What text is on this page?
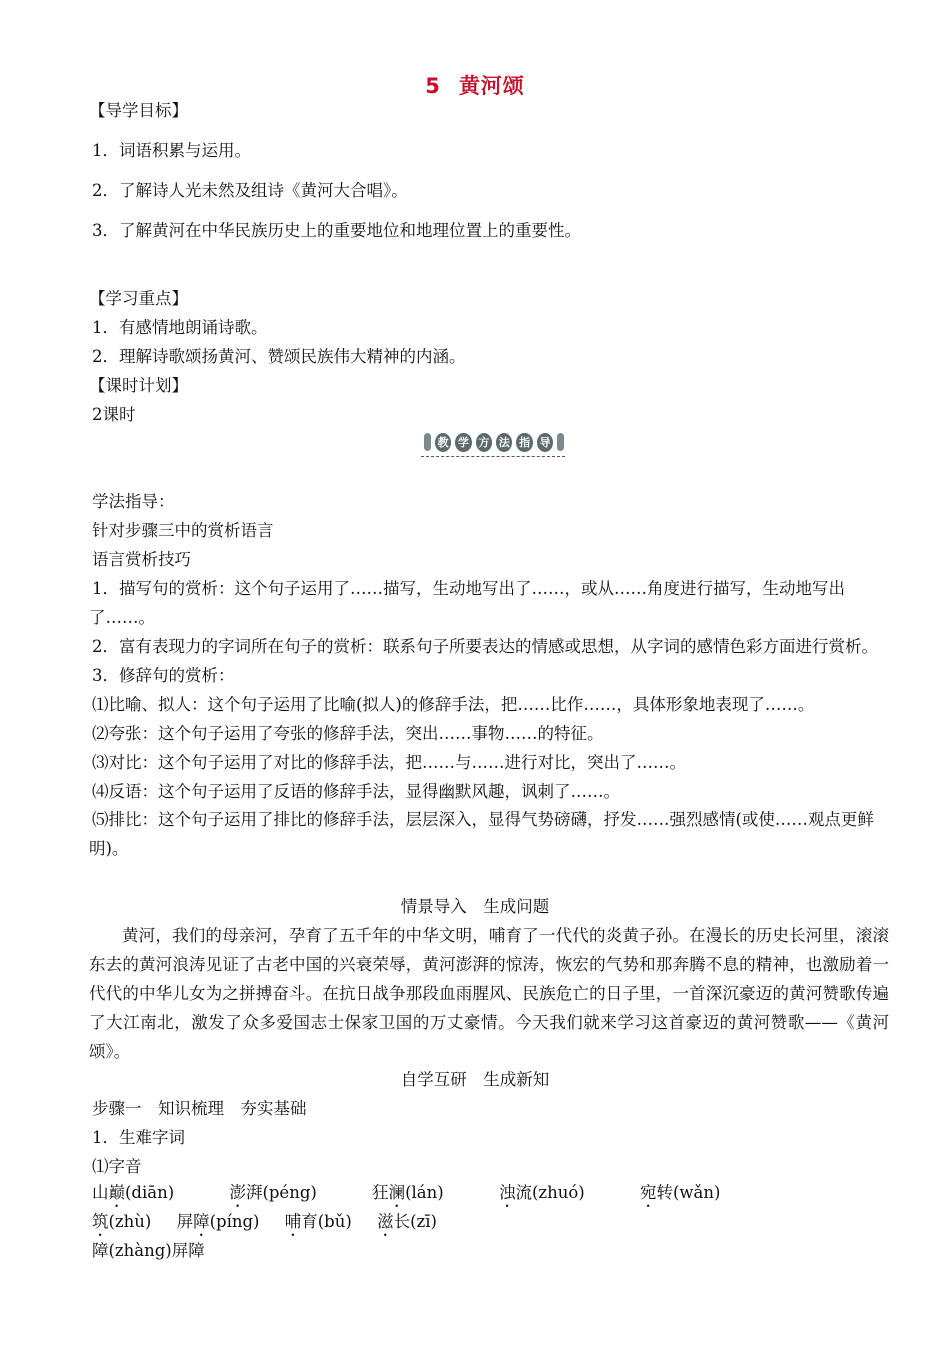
5 黄河颂
【导学目标】
1．词语积累与运用。
2．了解诗人光未然及组诗《黄河大合唱》。
3．了解黄河在中华民族历史上的重要地位和地理位置上的重要性。
【学习重点】
1．有感情地朗诵诗歌。
2．理解诗歌颂扬黄河、赞颂民族伟大精神的内涵。
【课时计划】
2课时
教 学 方 法 指 导
学法指导：
针对步骤三中的赏析语言
语言赏析技巧
1．描写句的赏析：这个句子运用了……描写，生动地写出了……，或从……角度进行描写，生动地写出了……。
2．富有表现力的字词所在句子的赏析：联系句子所要表达的情感或思想，从字词的感情色彩方面进行赏析。
3．修辞句的赏析：
⑴比喻、拟人：这个句子运用了比喻(拟人)的修辞手法，把……比作……，具体形象地表现了……。
⑵夸张：这个句子运用了夸张的修辞手法，突出……事物……的特征。
⑶对比：这个句子运用了对比的修辞手法，把……与……进行对比，突出了……。
⑷反语：这个句子运用了反语的修辞手法，显得幽默风趣，讽刺了……。
⑸排比：这个句子运用了排比的修辞手法，层层深入，显得气势磅礴，抒发……强烈感情(或使……观点更鲜明)。
情景导入　生成问题
黄河，我们的母亲河，孕育了五千年的中华文明，哺育了一代代的炎黄子孙。在漫长的历史长河里，滚滚东去的黄河浪涛见证了古老中国的兴衰荣辱，黄河澎湃的惊涛，恢宏的气势和那奔腾不息的精神，也激励着一代代的中华儿女为之拼搏奋斗。在抗日战争那段血雨腥风、民族危亡的日子里，一首深沉豪迈的黄河赞歌传遍了大江南北，激发了众多爱国志士保家卫国的万丈豪情。今天我们就来学习这首豪迈的黄河赞歌——《黄河颂》。
自学互研　生成新知
步骤一　知识梳理　夯实基础
1．生难字词
⑴字音
山巅(diān)	澎湃(péng)	狂澜(lán)	浊流(zhuó)	宛转(wǎn)
筑(zhù) 屏障(píng) 哺育(bǔ) 滋长(zī)
障(zhàng)屏障
